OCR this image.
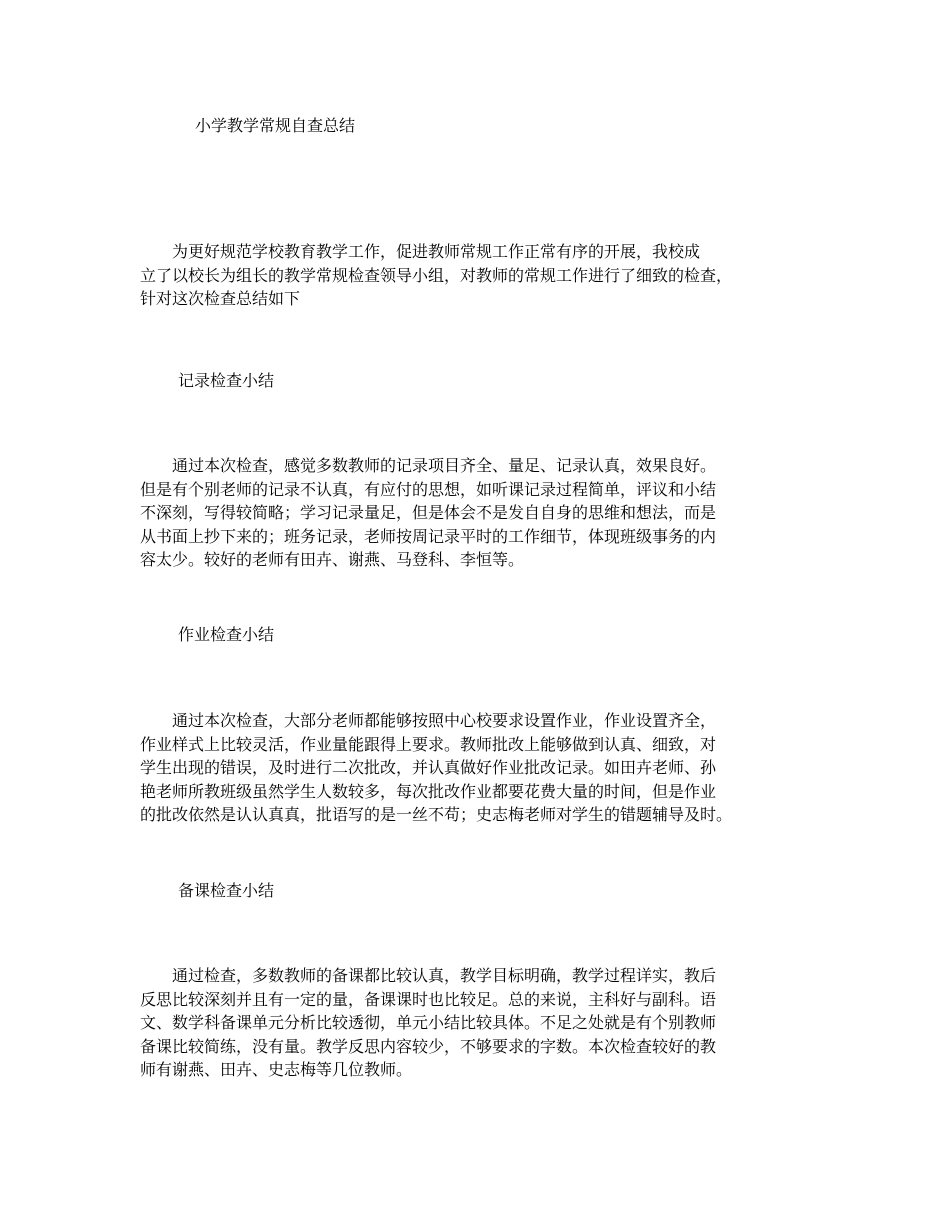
小学教学常规自查总结
　　为更好规范学校教育教学工作，促进教师常规工作正常有序的开展，我校成
立了以校长为组长的教学常规检查领导小组，对教师的常规工作进行了细致的检查，
针对这次检查总结如下
记录检查小结
　　通过本次检查，感觉多数教师的记录项目齐全、量足、记录认真，效果良好。
但是有个别老师的记录不认真，有应付的思想，如听课记录过程简单，评议和小结
不深刻，写得较简略；学习记录量足，但是体会不是发自自身的思维和想法，而是
从书面上抄下来的；班务记录，老师按周记录平时的工作细节，体现班级事务的内
容太少。较好的老师有田卉、谢燕、马登科、李恒等。
作业检查小结
　　通过本次检查，大部分老师都能够按照中心校要求设置作业，作业设置齐全，
作业样式上比较灵活，作业量能跟得上要求。教师批改上能够做到认真、细致，对
学生出现的错误，及时进行二次批改，并认真做好作业批改记录。如田卉老师、孙
艳老师所教班级虽然学生人数较多，每次批改作业都要花费大量的时间，但是作业
的批改依然是认认真真，批语写的是一丝不苟；史志梅老师对学生的错题辅导及时。
备课检查小结
　　通过检查，多数教师的备课都比较认真，教学目标明确，教学过程详实，教后
反思比较深刻并且有一定的量，备课课时也比较足。总的来说，主科好与副科。语
文、数学科备课单元分析比较透彻，单元小结比较具体。不足之处就是有个别教师
备课比较简练，没有量。教学反思内容较少，不够要求的字数。本次检查较好的教
师有谢燕、田卉、史志梅等几位教师。
